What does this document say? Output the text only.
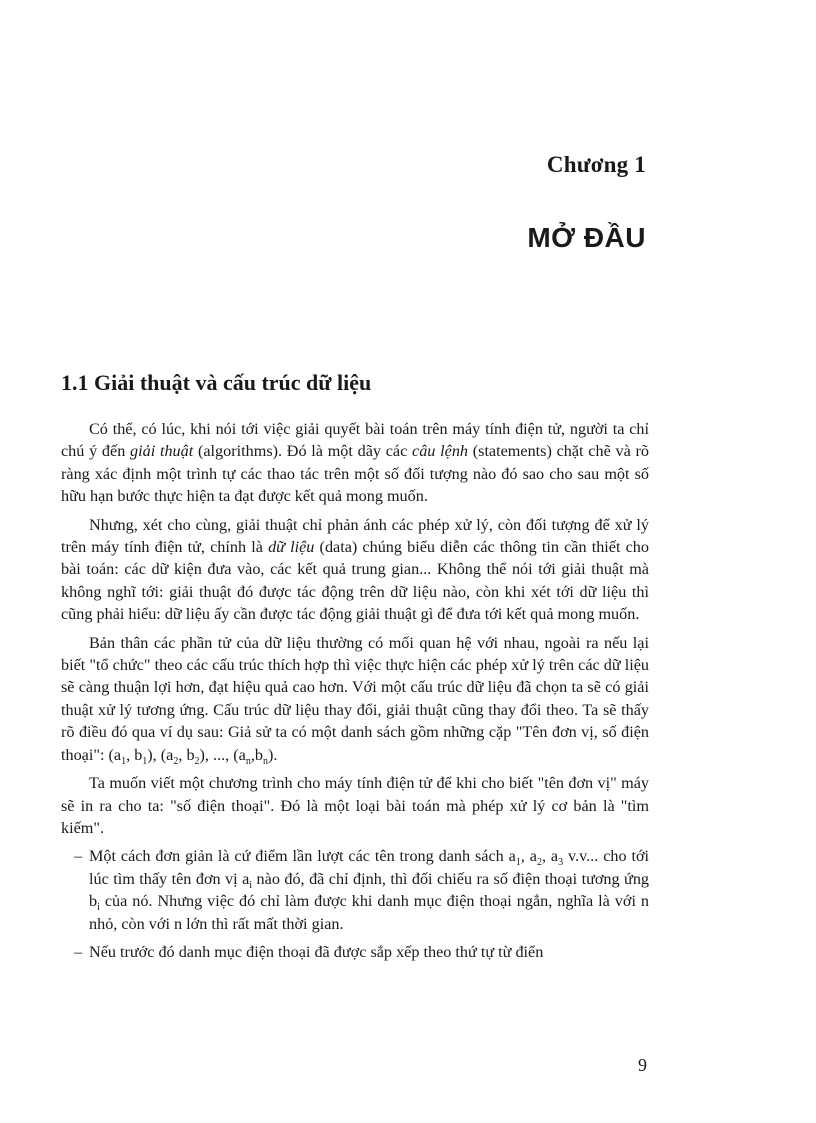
Chương 1
MỞ ĐẦU
1.1 Giải thuật và cấu trúc dữ liệu

Có thể, có lúc, khi nói tới việc giải quyết bài toán trên máy tính điện tử, người ta chỉ chú ý đến giải thuật (algorithms). Đó là một dãy các câu lệnh (statements) chặt chẽ và rõ ràng xác định một trình tự các thao tác trên một số đối tượng nào đó sao cho sau một số hữu hạn bước thực hiện ta đạt được kết quả mong muốn.

Nhưng, xét cho cùng, giải thuật chỉ phản ánh các phép xử lý, còn đối tượng để xử lý trên máy tính điện tử, chính là dữ liệu (data) chúng biểu diễn các thông tin cần thiết cho bài toán: các dữ kiện đưa vào, các kết quả trung gian... Không thể nói tới giải thuật mà không nghĩ tới: giải thuật đó được tác động trên dữ liệu nào, còn khi xét tới dữ liệu thì cũng phải hiểu: dữ liệu ấy cần được tác động giải thuật gì để đưa tới kết quả mong muốn.

Bản thân các phần tử của dữ liệu thường có mối quan hệ với nhau, ngoài ra nếu lại biết "tổ chức" theo các cấu trúc thích hợp thì việc thực hiện các phép xử lý trên các dữ liệu sẽ càng thuận lợi hơn, đạt hiệu quả cao hơn. Với một cấu trúc dữ liệu đã chọn ta sẽ có giải thuật xử lý tương ứng. Cấu trúc dữ liệu thay đổi, giải thuật cũng thay đổi theo. Ta sẽ thấy rõ điều đó qua ví dụ sau: Giả sử ta có một danh sách gồm những cặp "Tên đơn vị, số điện thoại": ($a_1$, $b_1$), ($a_2$, $b_2$), ..., $(a_n,b_n)$.

Ta muốn viết một chương trình cho máy tính điện tử để khi cho biết "tên đơn vị" máy sẽ in ra cho ta: "số điện thoại". Đó là một loại bài toán mà phép xử lý cơ bản là "tìm kiếm".

– Một cách đơn giản là cứ điểm lần lượt các tên trong danh sách $a_1$, $a_2$, $a_3$ v.v... cho tới lúc tìm thấy tên đơn vị $a_i$ nào đó, đã chỉ định, thì đối chiếu ra số điện thoại tương ứng $b_i$ của nó. Nhưng việc đó chỉ làm được khi danh mục điện thoại ngắn, nghĩa là với n nhỏ, còn với n lớn thì rất mất thời gian.
– Nếu trước đó danh mục điện thoại đã được sắp xếp theo thứ tự từ điển
9
